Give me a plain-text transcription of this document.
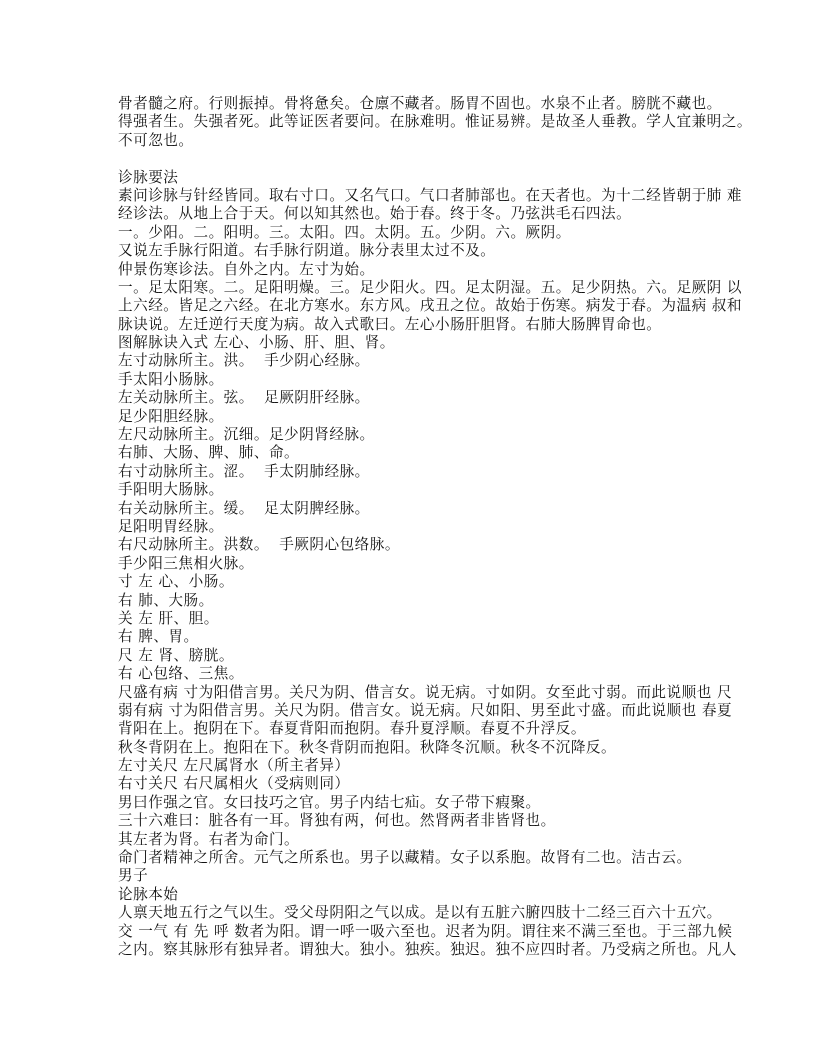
骨者髓之府。行则振掉。骨将惫矣。仓廪不藏者。肠胃不固也。水泉不止者。膀胱不藏也。
得强者生。失强者死。此等证医者要问。在脉难明。惟证易辨。是故圣人垂教。学人宜兼明之。
不可忽也。
诊脉要法
素问诊脉与针经皆同。取右寸口。又名气口。气口者肺部也。在天者也。为十二经皆朝于肺 难
经诊法。从地上合于天。何以知其然也。始于春。终于冬。乃弦洪毛石四法。
一。少阳。二。阳明。三。太阳。四。太阴。五。少阴。六。厥阴。
又说左手脉行阳道。右手脉行阴道。脉分表里太过不及。
仲景伤寒诊法。自外之内。左寸为始。
一。足太阳寒。二。足阳明燥。三。足少阳火。四。足太阴湿。五。足少阴热。六。足厥阴 以
上六经。皆足之六经。在北方寒水。东方风。戌丑之位。故始于伤寒。病发于春。为温病 叔和
脉诀说。左迁逆行天度为病。故入式歌曰。左心小肠肝胆肾。右肺大肠脾胃命也。
图解脉诀入式 左心、小肠、肝、胆、肾。
左寸动脉所主。洪。  手少阴心经脉。
手太阳小肠脉。
左关动脉所主。弦。  足厥阴肝经脉。
足少阳胆经脉。
左尺动脉所主。沉细。足少阴肾经脉。
右肺、大肠、脾、肺、命。
右寸动脉所主。涩。  手太阴肺经脉。
手阳明大肠脉。
右关动脉所主。缓。  足太阴脾经脉。
足阳明胃经脉。
右尺动脉所主。洪数。  手厥阴心包络脉。
手少阳三焦相火脉。
寸 左 心、小肠。
右 肺、大肠。
关 左 肝、胆。
右 脾、胃。
尺 左 肾、膀胱。
右 心包络、三焦。
尺盛有病 寸为阳借言男。关尺为阴、借言女。说无病。寸如阴。女至此寸弱。而此说顺也 尺
弱有病 寸为阳借言男。关尺为阴。借言女。说无病。尺如阳、男至此寸盛。而此说顺也 春夏
背阳在上。抱阴在下。春夏背阳而抱阴。春升夏浮顺。春夏不升浮反。
秋冬背阴在上。抱阳在下。秋冬背阴而抱阳。秋降冬沉顺。秋冬不沉降反。
左寸关尺 左尺属肾水（所主者异）
右寸关尺 右尺属相火（受病则同）
男曰作强之官。女曰技巧之官。男子内结七疝。女子带下瘕聚。
三十六难曰：脏各有一耳。肾独有两，何也。然肾两者非皆肾也。
其左者为肾。右者为命门。
命门者精神之所舍。元气之所系也。男子以藏精。女子以系胞。故肾有二也。洁古云。
男子
论脉本始
人禀天地五行之气以生。受父母阴阳之气以成。是以有五脏六腑四肢十二经三百六十五穴。
交 一气 有 先 呼 数者为阳。谓一呼一吸六至也。迟者为阴。谓往来不满三至也。于三部九候
之内。察其脉形有独异者。谓独大。独小。独疾。独迟。独不应四时者。乃受病之所也。凡人
